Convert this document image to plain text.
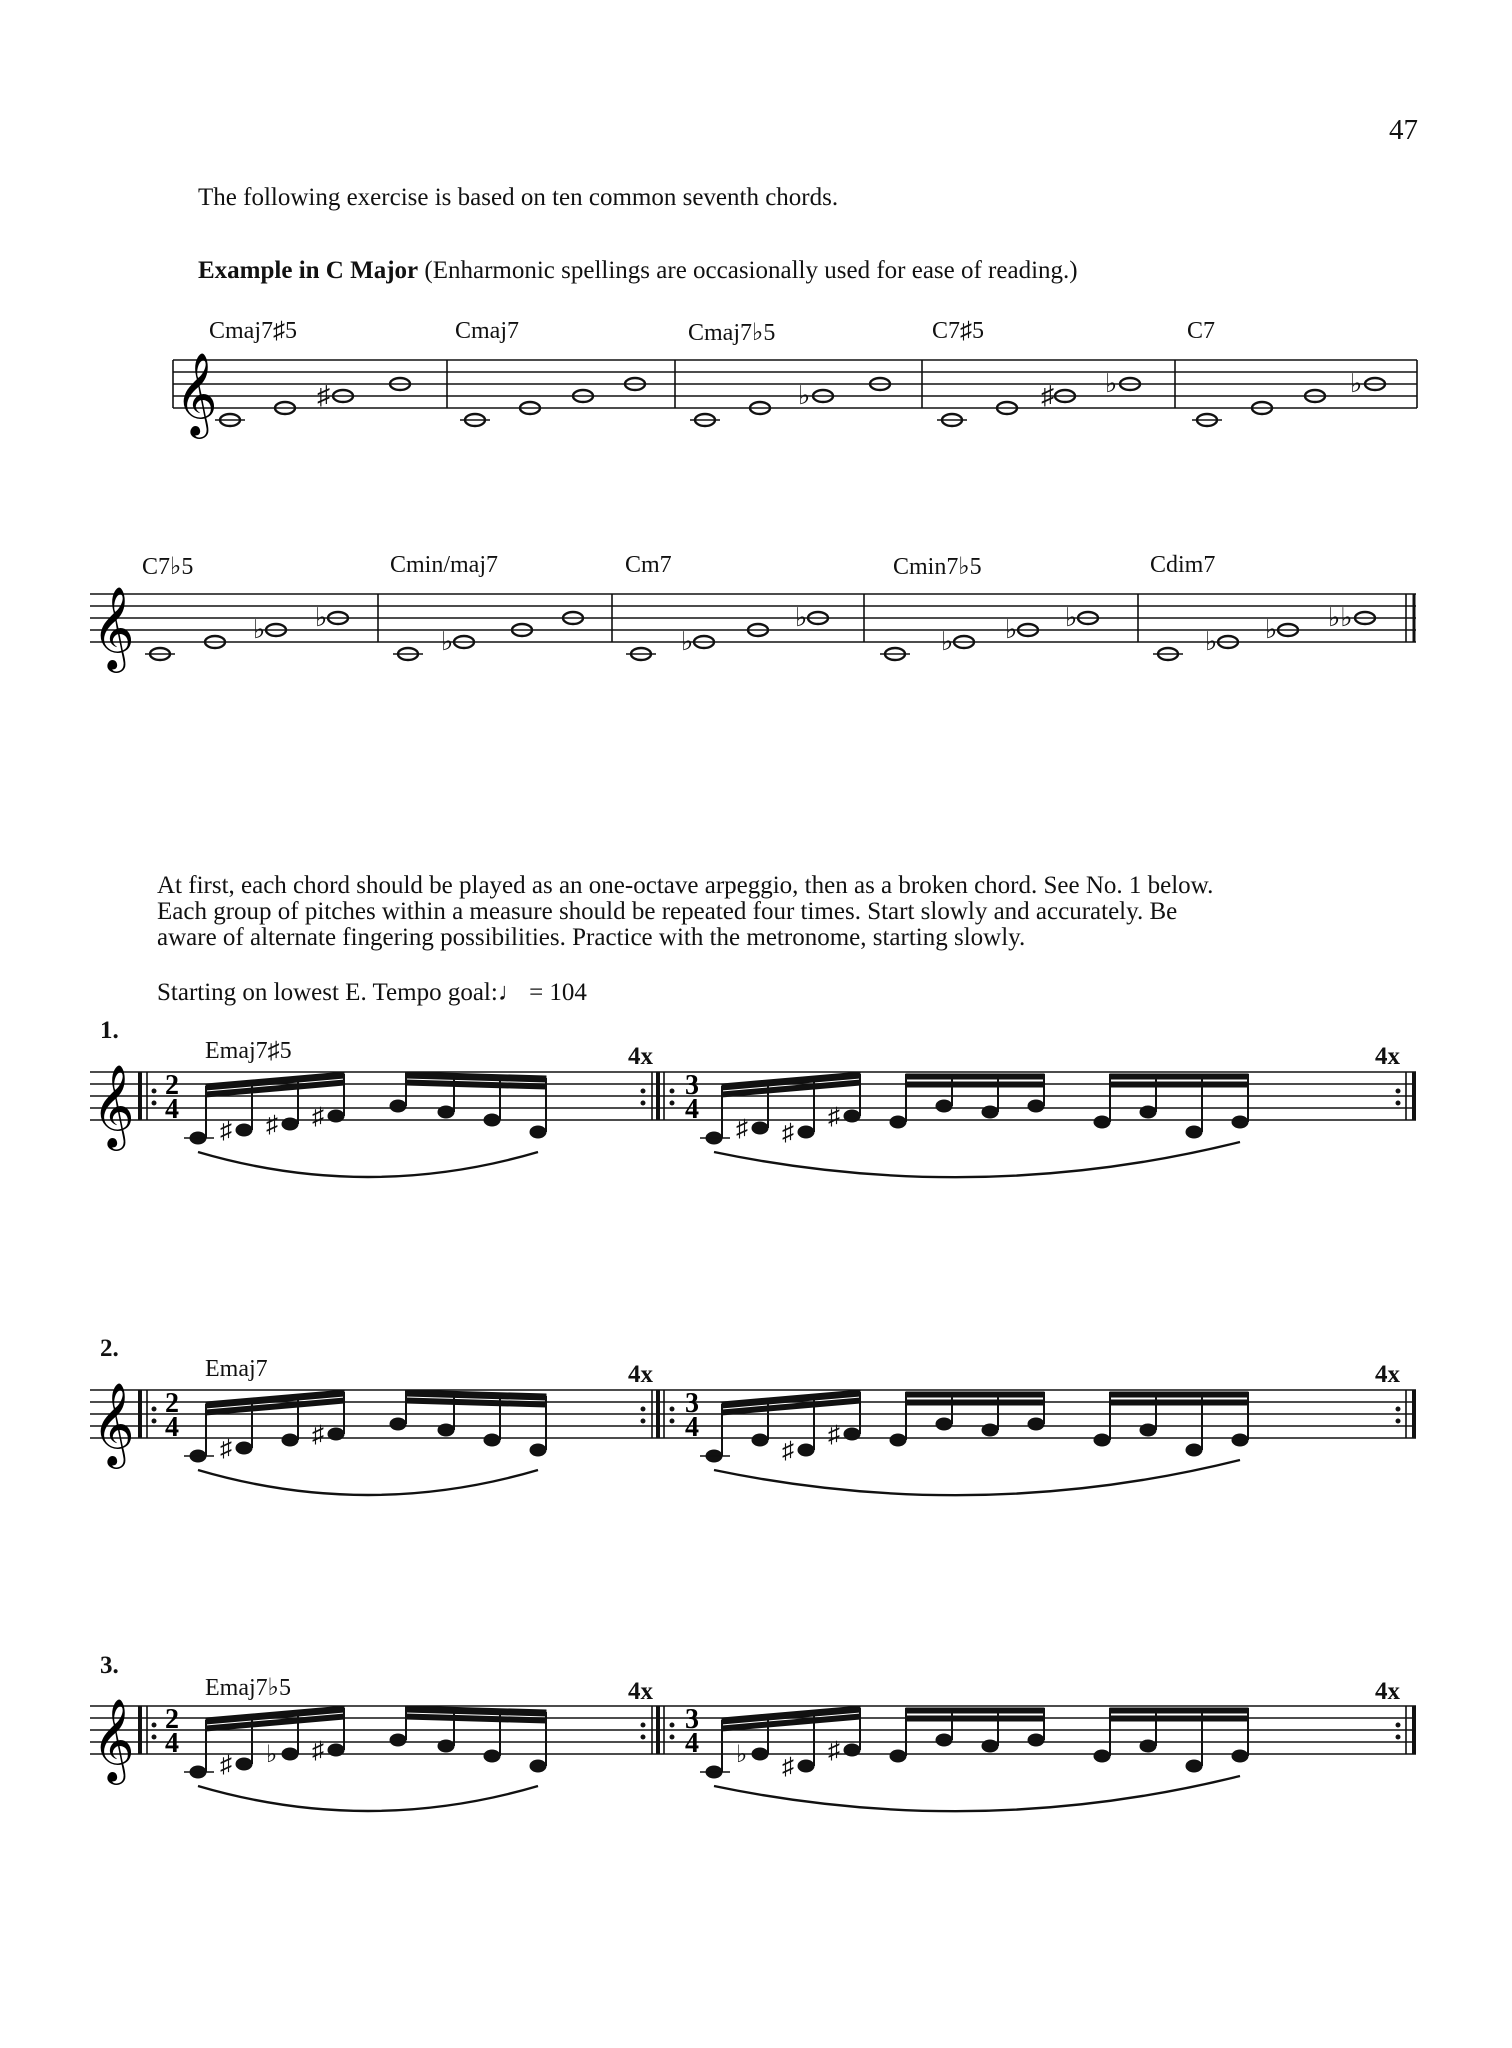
47
The following exercise is based on ten common seventh chords.
Example in C Major (Enharmonic spellings are occasionally used for ease of reading.)
Cmaj7♯5	Cmaj7	Cmaj7♭5	C7♯5	C7
𝄞	♯	♭	♯ ♭	♭
C7♭5	Cmin/maj7	Cm7	Cmin7♭5	Cdim7
𝄞	♭ ♭
♭	♭
♭
♭ ♭ ♭
♭ ♭ ♭♭
At first, each chord should be played as an one-octave arpeggio, then as a broken chord. See No. 1 below.
Each group of pitches within a measure should be repeated four times. Start slowly and accurately. Be
aware of alternate fingering possibilities. Practice with the metronome, starting slowly.
Starting on lowest E. Tempo goal:♩ = 104
1.
Emaj7♯5	4x	4x
𝄞 2
4
3
4
♯ ♯ ♯	♯ ♯
♯
2.
Emaj7	4x	4x
𝄞 2
4
3
4
♯
♯
♯
♯
3.
Emaj7♭5	4x	4x
𝄞 2
4
3
4
♯ ♭ ♯	♭ ♯
♯
